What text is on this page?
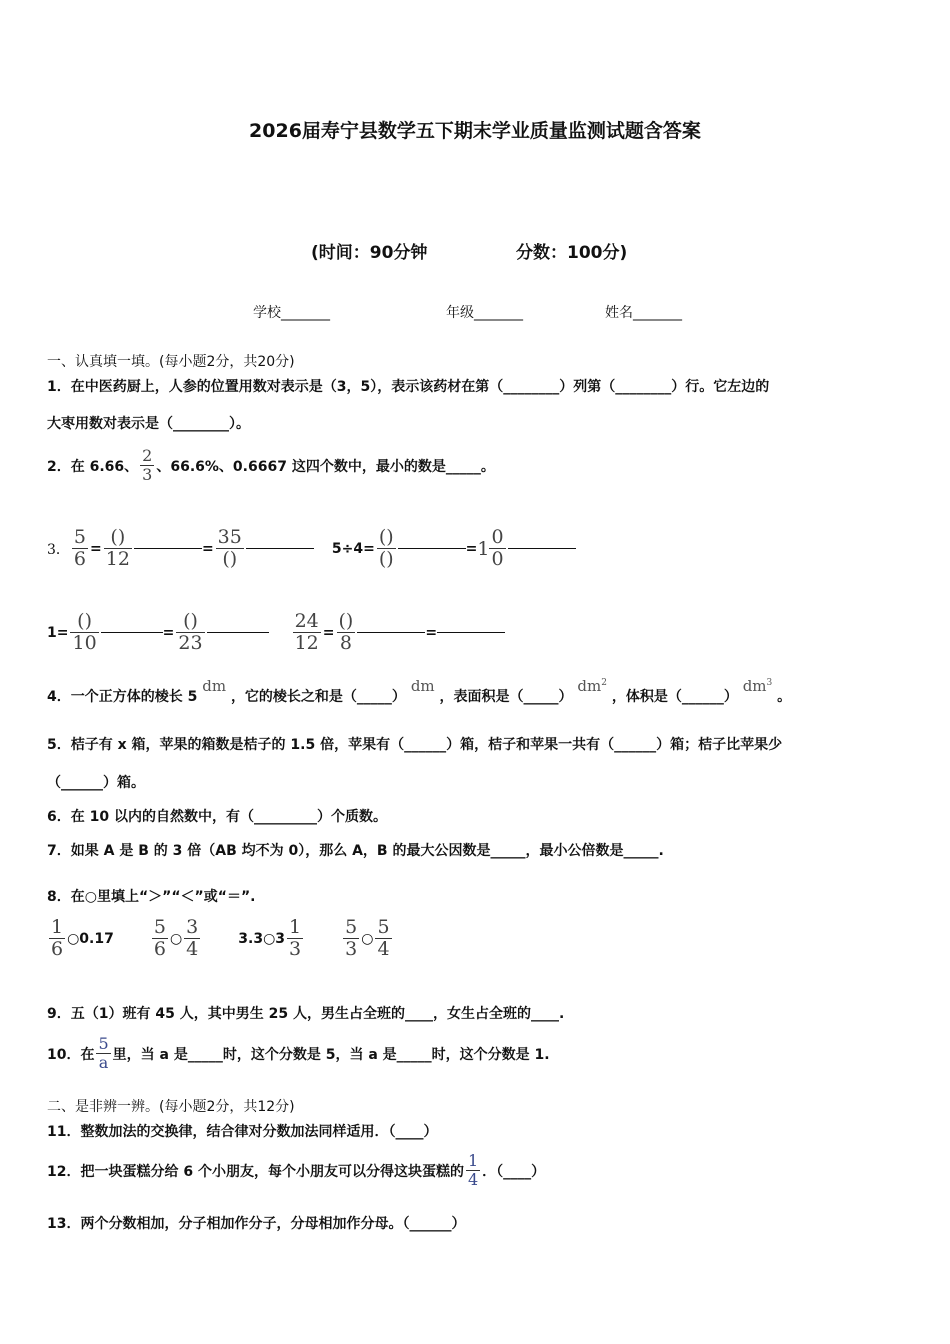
2026届寿宁县数学五下期末学业质量监测试题含答案
(时间：90分钟	分数：100分)
学校_______	年级_______	姓名_______
一、认真填一填。(每小题2分，共20分)
1．在中医药厨上，人参的位置用数对表示是（3，5），表示该药材在第（________）列第（________）行。它左边的
大枣用数对表示是（________）。
2．在 6.66、 $\frac{2}{3}$ 、66.6%、0.6667 这四个数中，最小的数是_____。
3． $\frac{5}{6} = \frac{()}{12}$	= $\frac{35}{()}$	$5\div 4= \frac{()}{()}$	= $1 \frac{0}{0}$
$1= \frac{()}{10}$	= $\frac{()}{23}$	$\frac{24}{12} = \frac{()}{8}$	=
4．一个正方体的棱长 5 dm ，它的棱长之和是（_____） dm ，表面积是（_____） $dm^2$ ，体积是（______） $dm^3$ 。
5．桔子有 x 箱，苹果的箱数是桔子的 1.5 倍，苹果有（______）箱，桔子和苹果一共有（______）箱；桔子比苹果少
（______）箱。
6．在 10 以内的自然数中，有（_________）个质数。
7．如果 A 是 B 的 3 倍（AB 均不为 0），那么 A，B 的最大公因数是_____，最小公倍数是_____.
8．在○里填上“＞”“＜”或“＝”.
$\frac{1}{6}$ ○0.17 $\frac{5}{6}$ ○ $\frac{3}{4}$	3.3○3 $\frac{1}{3} \frac{5}{3}$ ○ $\frac{5}{4}$
9．五（1）班有 45 人，其中男生 25 人，男生占全班的____，女生占全班的____.
10．在 $\frac{5}{a}$ 里，当 a 是_____时，这个分数是 5，当 a 是_____时，这个分数是 1.
二、是非辨一辨。(每小题2分，共12分)
11．整数加法的交换律，结合律对分数加法同样适用．（____）
12．把一块蛋糕分给 6 个小朋友，每个小朋友可以分得这块蛋糕的 $\frac{1}{4}$ ．（____）
13．两个分数相加，分子相加作分子，分母相加作分母。（______）
